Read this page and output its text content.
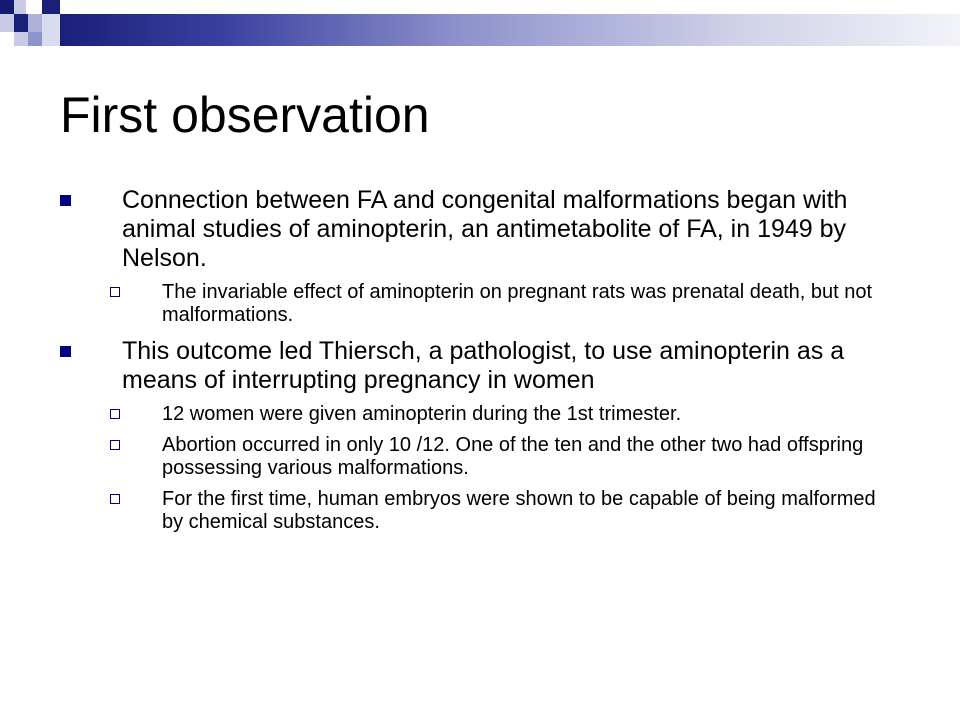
First observation
Connection between FA and congenital malformations began with animal studies of aminopterin, an antimetabolite of FA, in 1949 by Nelson.
The invariable effect of aminopterin on pregnant rats was prenatal death, but not malformations.
This outcome led Thiersch, a pathologist, to use aminopterin as a means of interrupting pregnancy in women
12 women were given aminopterin during the 1st trimester.
Abortion occurred in only 10 /12. One of the ten and the other two had offspring possessing various malformations.
For the first time, human embryos were shown to be capable of being malformed by chemical substances.
